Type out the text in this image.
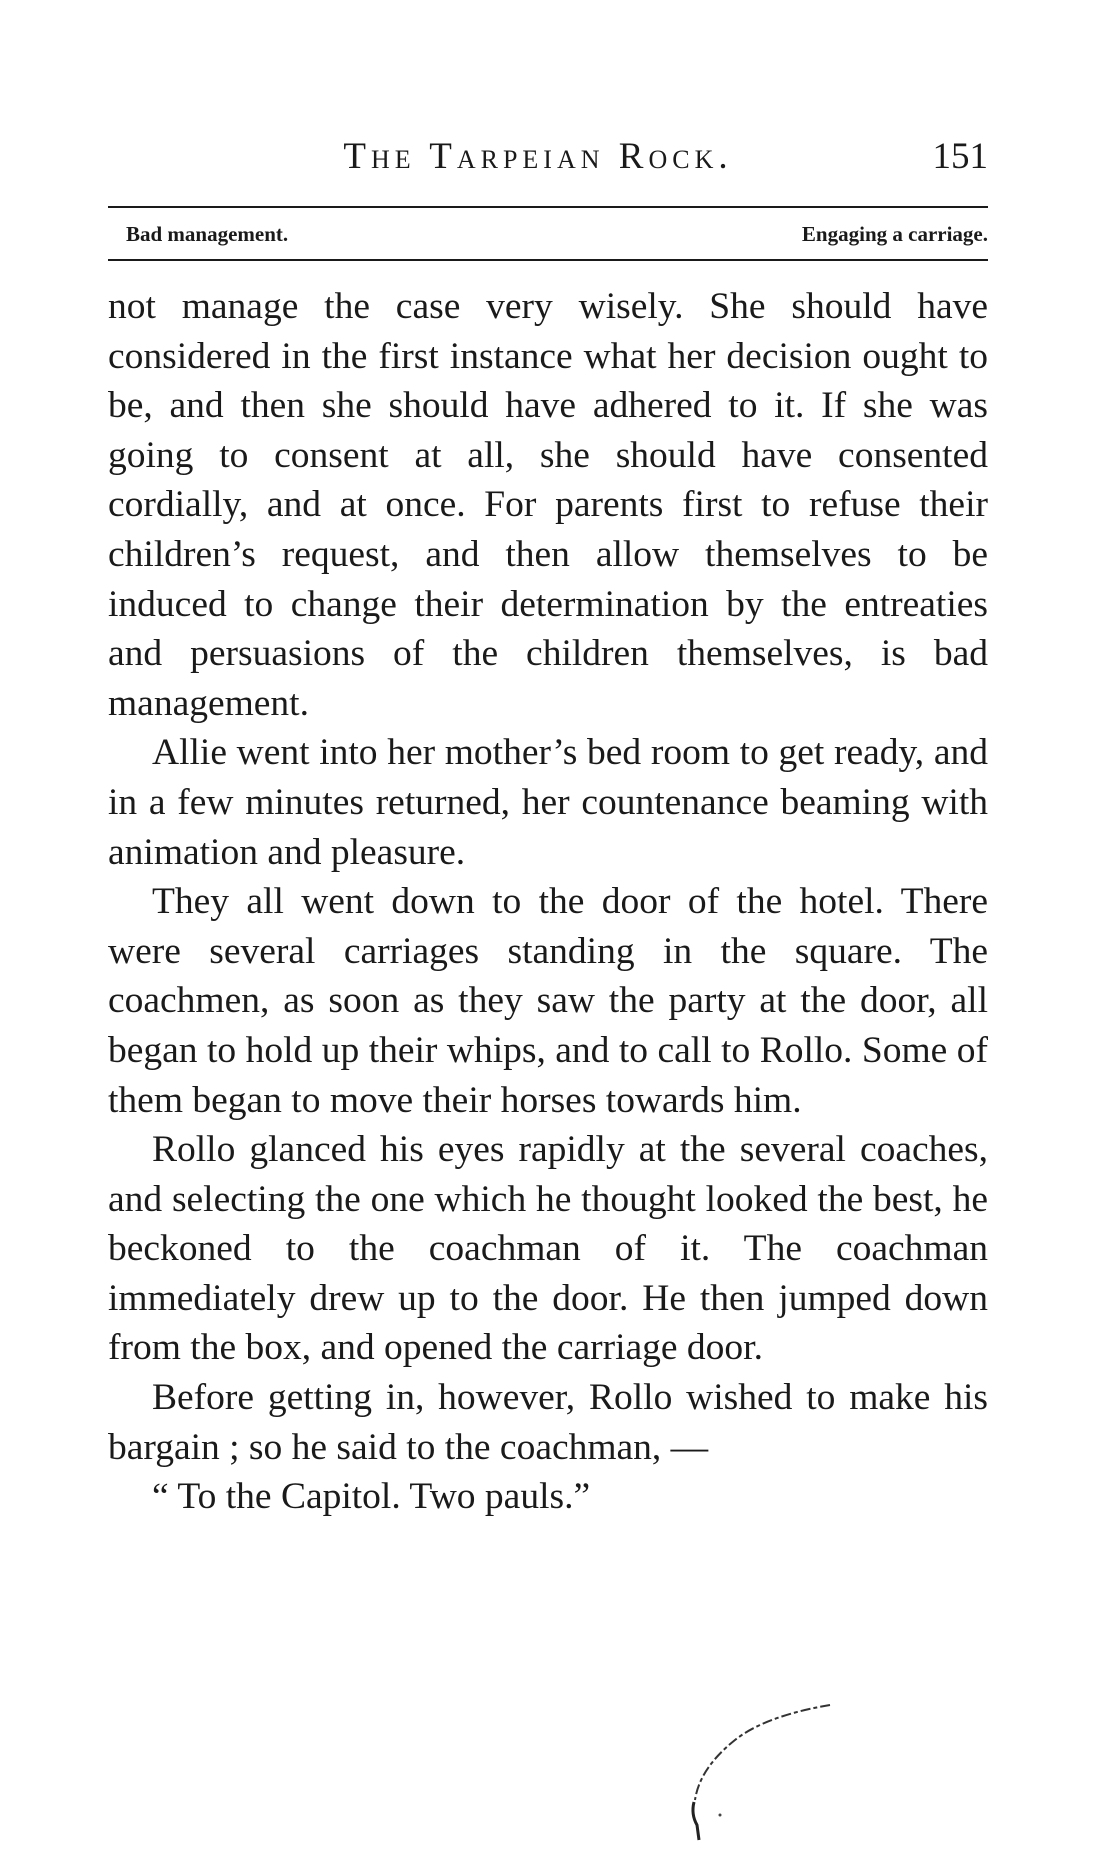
The Tarpeian Rock.	151
Bad management.	Engaging a carriage.

not manage the case very wisely. She should have considered in the first instance what her decision ought to be, and then she should have adhered to it. If she was going to consent at all, she should have consented cordially, and at once. For parents first to refuse their children’s request, and then allow themselves to be induced to change their determination by the entreaties and persuasions of the children themselves, is bad management.

Allie went into her mother’s bed room to get ready, and in a few minutes returned, her countenance beaming with animation and pleasure.

They all went down to the door of the hotel. There were several carriages standing in the square. The coachmen, as soon as they saw the party at the door, all began to hold up their whips, and to call to Rollo. Some of them began to move their horses towards him.

Rollo glanced his eyes rapidly at the several coaches, and selecting the one which he thought looked the best, he beckoned to the coachman of it. The coachman immediately drew up to the door. He then jumped down from the box, and opened the carriage door.

Before getting in, however, Rollo wished to make his bargain ; so he said to the coachman, —

“ To the Capitol. Two pauls.”
